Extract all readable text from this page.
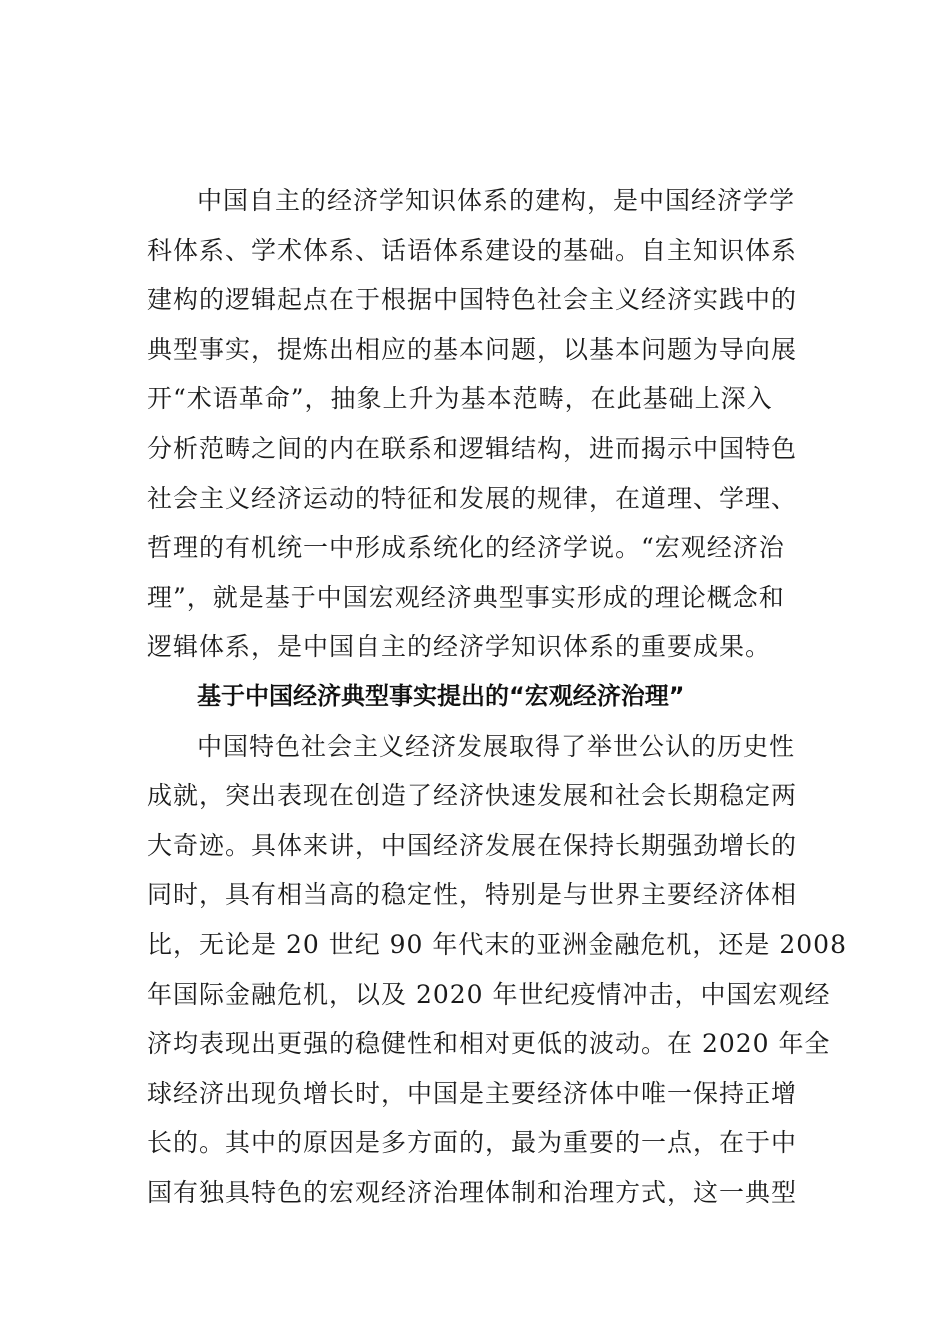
中国自主的经济学知识体系的建构，是中国经济学学
科体系、学术体系、话语体系建设的基础。自主知识体系
建构的逻辑起点在于根据中国特色社会主义经济实践中的
典型事实，提炼出相应的基本问题，以基本问题为导向展
开“术语革命”，抽象上升为基本范畴，在此基础上深入
分析范畴之间的内在联系和逻辑结构，进而揭示中国特色
社会主义经济运动的特征和发展的规律，在道理、学理、
哲理的有机统一中形成系统化的经济学说。“宏观经济治
理”，就是基于中国宏观经济典型事实形成的理论概念和
逻辑体系，是中国自主的经济学知识体系的重要成果。
基于中国经济典型事实提出的“宏观经济治理”
中国特色社会主义经济发展取得了举世公认的历史性
成就，突出表现在创造了经济快速发展和社会长期稳定两
大奇迹。具体来讲，中国经济发展在保持长期强劲增长的
同时，具有相当高的稳定性，特别是与世界主要经济体相
比，无论是 20 世纪 90 年代末的亚洲金融危机，还是 2008
年国际金融危机，以及 2020 年世纪疫情冲击，中国宏观经
济均表现出更强的稳健性和相对更低的波动。在 2020 年全
球经济出现负增长时，中国是主要经济体中唯一保持正增
长的。其中的原因是多方面的，最为重要的一点，在于中
国有独具特色的宏观经济治理体制和治理方式，这一典型
